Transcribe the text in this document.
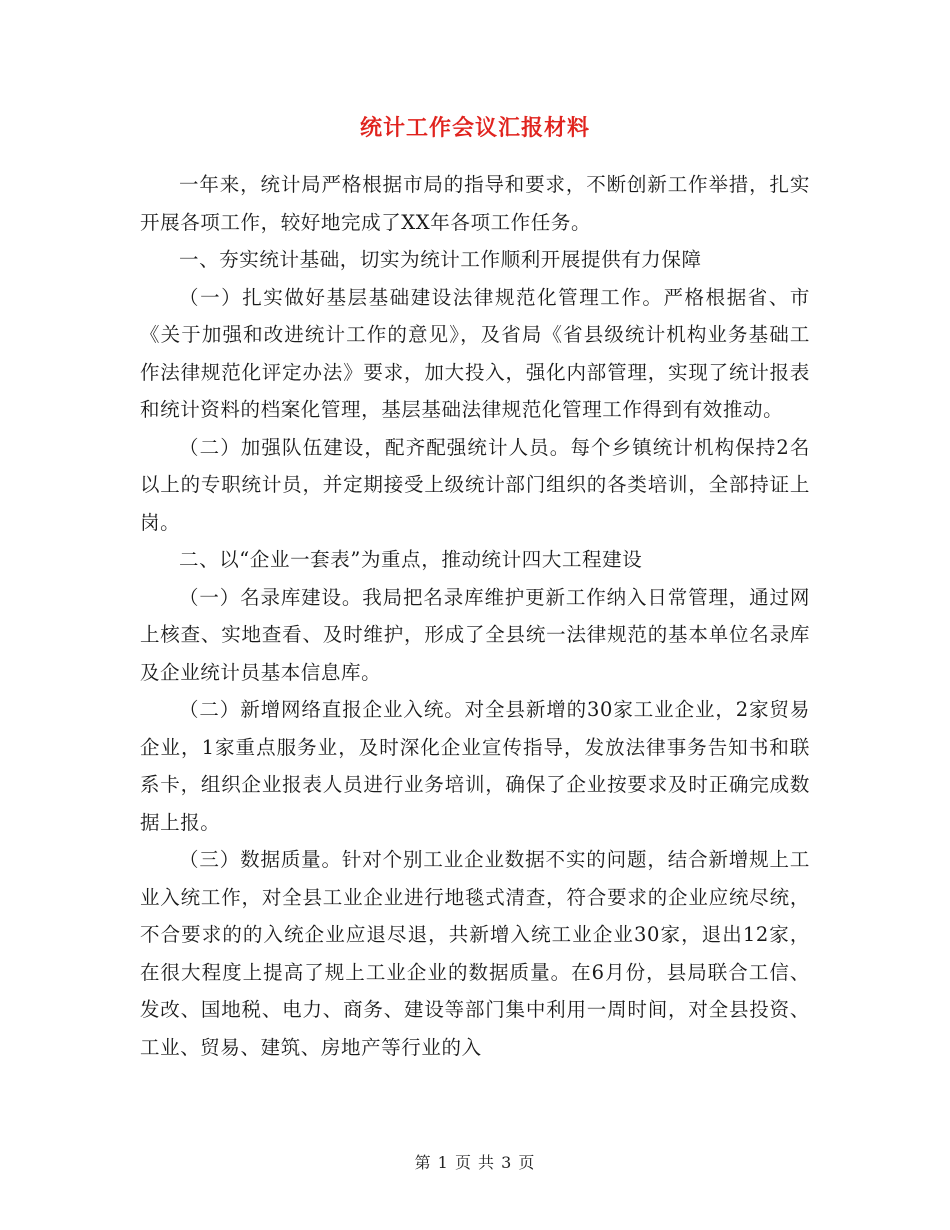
统计工作会议汇报材料

一年来，统计局严格根据市局的指导和要求，不断创新工作举措，扎实开展各项工作，较好地完成了XX年各项工作任务。

一、夯实统计基础，切实为统计工作顺利开展提供有力保障

（一）扎实做好基层基础建设法律规范化管理工作。严格根据省、市《关于加强和改进统计工作的意见》，及省局《省县级统计机构业务基础工作法律规范化评定办法》要求，加大投入，强化内部管理，实现了统计报表和统计资料的档案化管理，基层基础法律规范化管理工作得到有效推动。

（二）加强队伍建设，配齐配强统计人员。每个乡镇统计机构保持2名以上的专职统计员，并定期接受上级统计部门组织的各类培训，全部持证上岗。

二、以“企业一套表”为重点，推动统计四大工程建设

（一）名录库建设。我局把名录库维护更新工作纳入日常管理，通过网上核查、实地查看、及时维护，形成了全县统一法律规范的基本单位名录库及企业统计员基本信息库。

（二）新增网络直报企业入统。对全县新增的30家工业企业，2家贸易企业，1家重点服务业，及时深化企业宣传指导，发放法律事务告知书和联系卡，组织企业报表人员进行业务培训，确保了企业按要求及时正确完成数据上报。

（三）数据质量。针对个别工业企业数据不实的问题，结合新增规上工业入统工作，对全县工业企业进行地毯式清查，符合要求的企业应统尽统，不合要求的的入统企业应退尽退，共新增入统工业企业30家，退出12家，在很大程度上提高了规上工业企业的数据质量。在6月份，县局联合工信、发改、国地税、电力、商务、建设等部门集中利用一周时间，对全县投资、工业、贸易、建筑、房地产等行业的入

第 1 页 共 3 页
